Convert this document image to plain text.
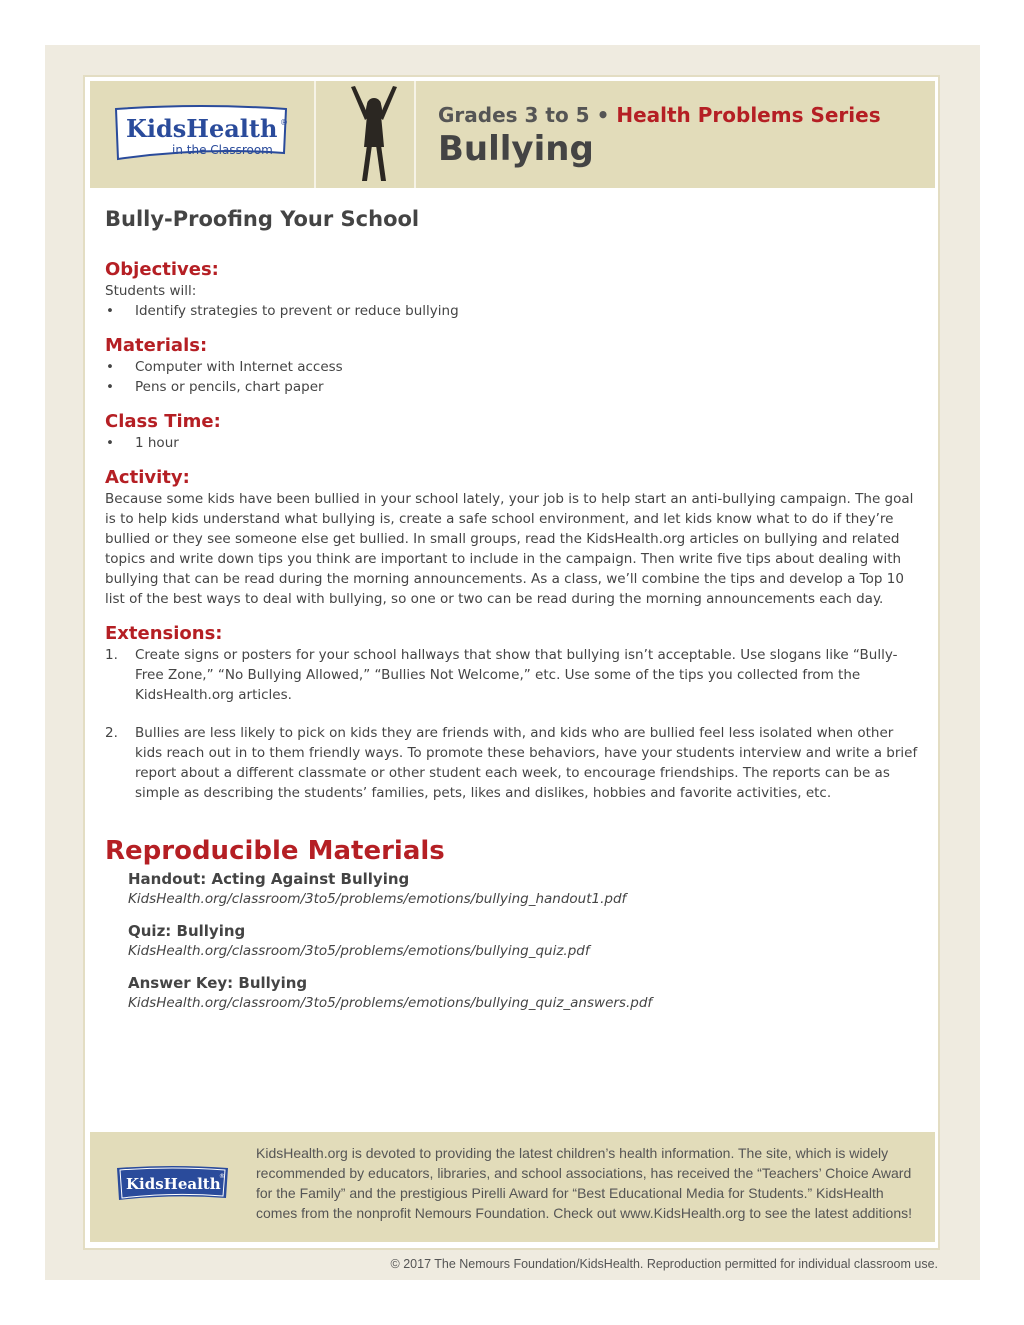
KidsHealth ®
in the Classroom
Grades 3 to 5 • Health Problems Series
Bullying
Bully-Proofing Your School
Objectives:
Students will:
• Identify strategies to prevent or reduce bullying
Materials:
• Computer with Internet access
• Pens or pencils, chart paper
Class Time:
• 1 hour
Activity:

Because some kids have been bullied in your school lately, your job is to help start an anti-bullying campaign. The goal is to help kids understand what bullying is, create a safe school environment, and let kids know what to do if they’re bullied or they see someone else get bullied. In small groups, read the KidsHealth.org articles on bullying and related topics and write down tips you think are important to include in the campaign. Then write five tips about dealing with bullying that can be read during the morning announcements. As a class, we’ll combine the tips and develop a Top 10 list of the best ways to deal with bullying, so one or two can be read during the morning announcements each day.

Extensions:
1. Create signs or posters for your school hallways that show that bullying isn’t acceptable. Use slogans like “Bully-Free Zone,” “No Bullying Allowed,” “Bullies Not Welcome,” etc. Use some of the tips you collected from the KidsHealth.org articles.
2. Bullies are less likely to pick on kids they are friends with, and kids who are bullied feel less isolated when other kids reach out in to them friendly ways. To promote these behaviors, have your students interview and write a brief report about a different classmate or other student each week, to encourage friendships. The reports can be as simple as describing the students’ families, pets, likes and dislikes, hobbies and favorite activities, etc.
Reproducible Materials
Handout: Acting Against Bullying
KidsHealth.org/classroom/3to5/problems/emotions/bullying_handout1.pdf
Quiz: Bullying
KidsHealth.org/classroom/3to5/problems/emotions/bullying_quiz.pdf
Answer Key: Bullying
KidsHealth.org/classroom/3to5/problems/emotions/bullying_quiz_answers.pdf
KidsHealth
®
KidsHealth.org is devoted to providing the latest children’s health information. The site, which is widely recommended by educators, libraries, and school associations, has received the “Teachers’ Choice Award for the Family” and the prestigious Pirelli Award for “Best Educational Media for Students.” KidsHealth comes from the nonprofit Nemours Foundation. Check out www.KidsHealth.org to see the latest additions!
© 2017 The Nemours Foundation/KidsHealth. Reproduction permitted for individual classroom use.
